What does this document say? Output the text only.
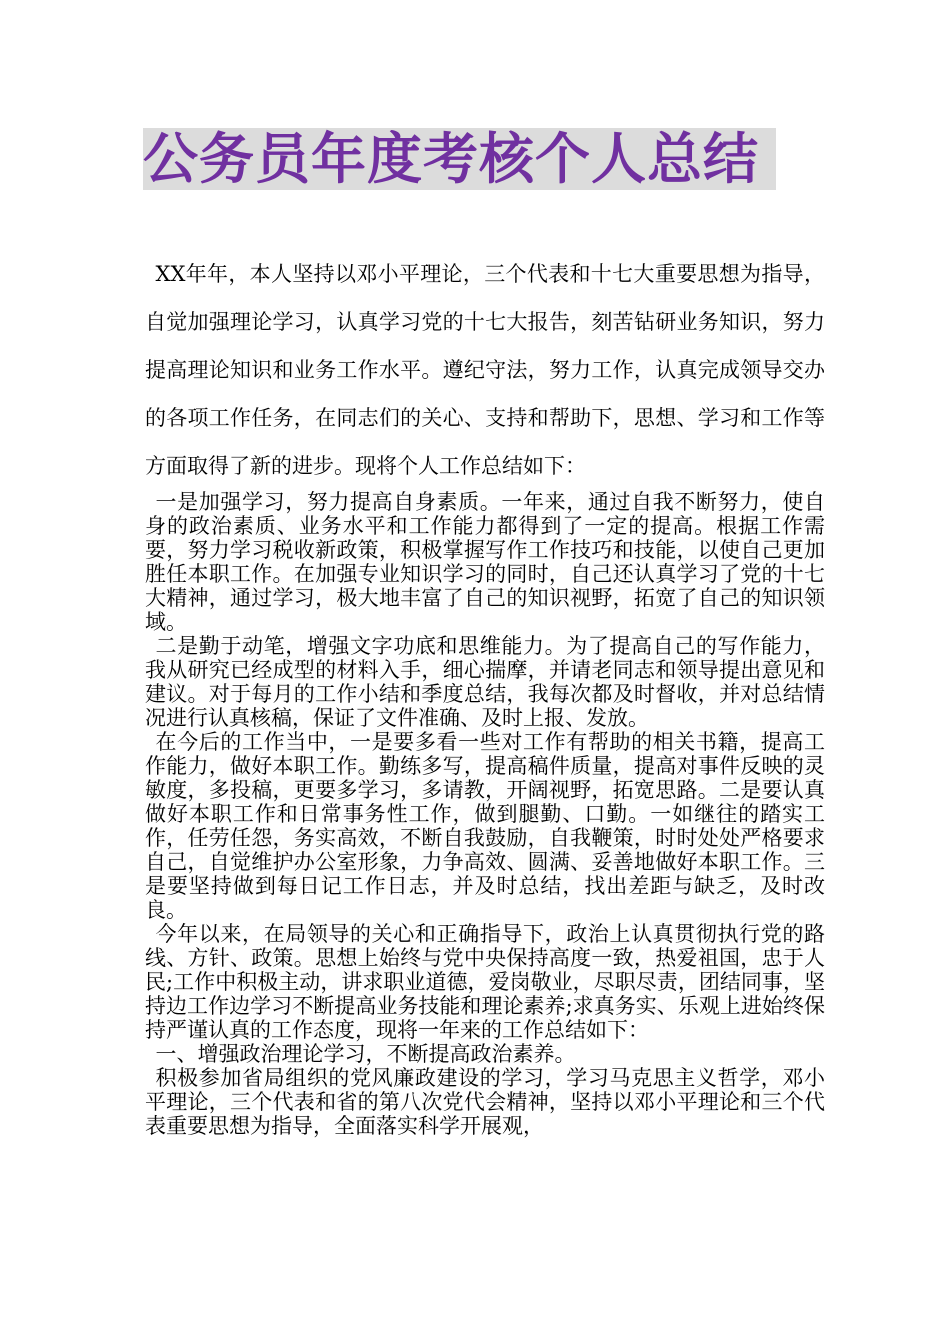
公务员年度考核个人总结

XX年年，本人坚持以邓小平理论，三个代表和十七大重要思想为指导，自觉加强理论学习，认真学习党的十七大报告，刻苦钻研业务知识，努力提高理论知识和业务工作水平。遵纪守法，努力工作，认真完成领导交办的各项工作任务，在同志们的关心、支持和帮助下，思想、学习和工作等方面取得了新的进步。现将个人工作总结如下：

一是加强学习，努力提高自身素质。一年来，通过自我不断努力，使自身的政治素质、业务水平和工作能力都得到了一定的提高。根据工作需要，努力学习税收新政策，积极掌握写作工作技巧和技能，以使自己更加胜任本职工作。在加强专业知识学习的同时，自己还认真学习了党的十七大精神，通过学习，极大地丰富了自己的知识视野，拓宽了自己的知识领域。

二是勤于动笔，增强文字功底和思维能力。为了提高自己的写作能力，我从研究已经成型的材料入手，细心揣摩，并请老同志和领导提出意见和建议。对于每月的工作小结和季度总结，我每次都及时督收，并对总结情况进行认真核稿，保证了文件准确、及时上报、发放。

在今后的工作当中，一是要多看一些对工作有帮助的相关书籍，提高工作能力，做好本职工作。勤练多写，提高稿件质量，提高对事件反映的灵敏度，多投稿，更要多学习，多请教，开阔视野，拓宽思路。二是要认真做好本职工作和日常事务性工作，做到腿勤、口勤。一如继往的踏实工作，任劳任怨，务实高效，不断自我鼓励，自我鞭策，时时处处严格要求自己，自觉维护办公室形象，力争高效、圆满、妥善地做好本职工作。三是要坚持做到每日记工作日志，并及时总结，找出差距与缺乏，及时改良。

今年以来，在局领导的关心和正确指导下，政治上认真贯彻执行党的路线、方针、政策。思想上始终与党中央保持高度一致，热爱祖国，忠于人民;工作中积极主动，讲求职业道德，爱岗敬业，尽职尽责，团结同事，坚持边工作边学习不断提高业务技能和理论素养;求真务实、乐观上进始终保持严谨认真的工作态度，现将一年来的工作总结如下：

一、增强政治理论学习，不断提高政治素养。

积极参加省局组织的党风廉政建设的学习，学习马克思主义哲学，邓小平理论，三个代表和省的第八次党代会精神，坚持以邓小平理论和三个代表重要思想为指导，全面落实科学开展观，
